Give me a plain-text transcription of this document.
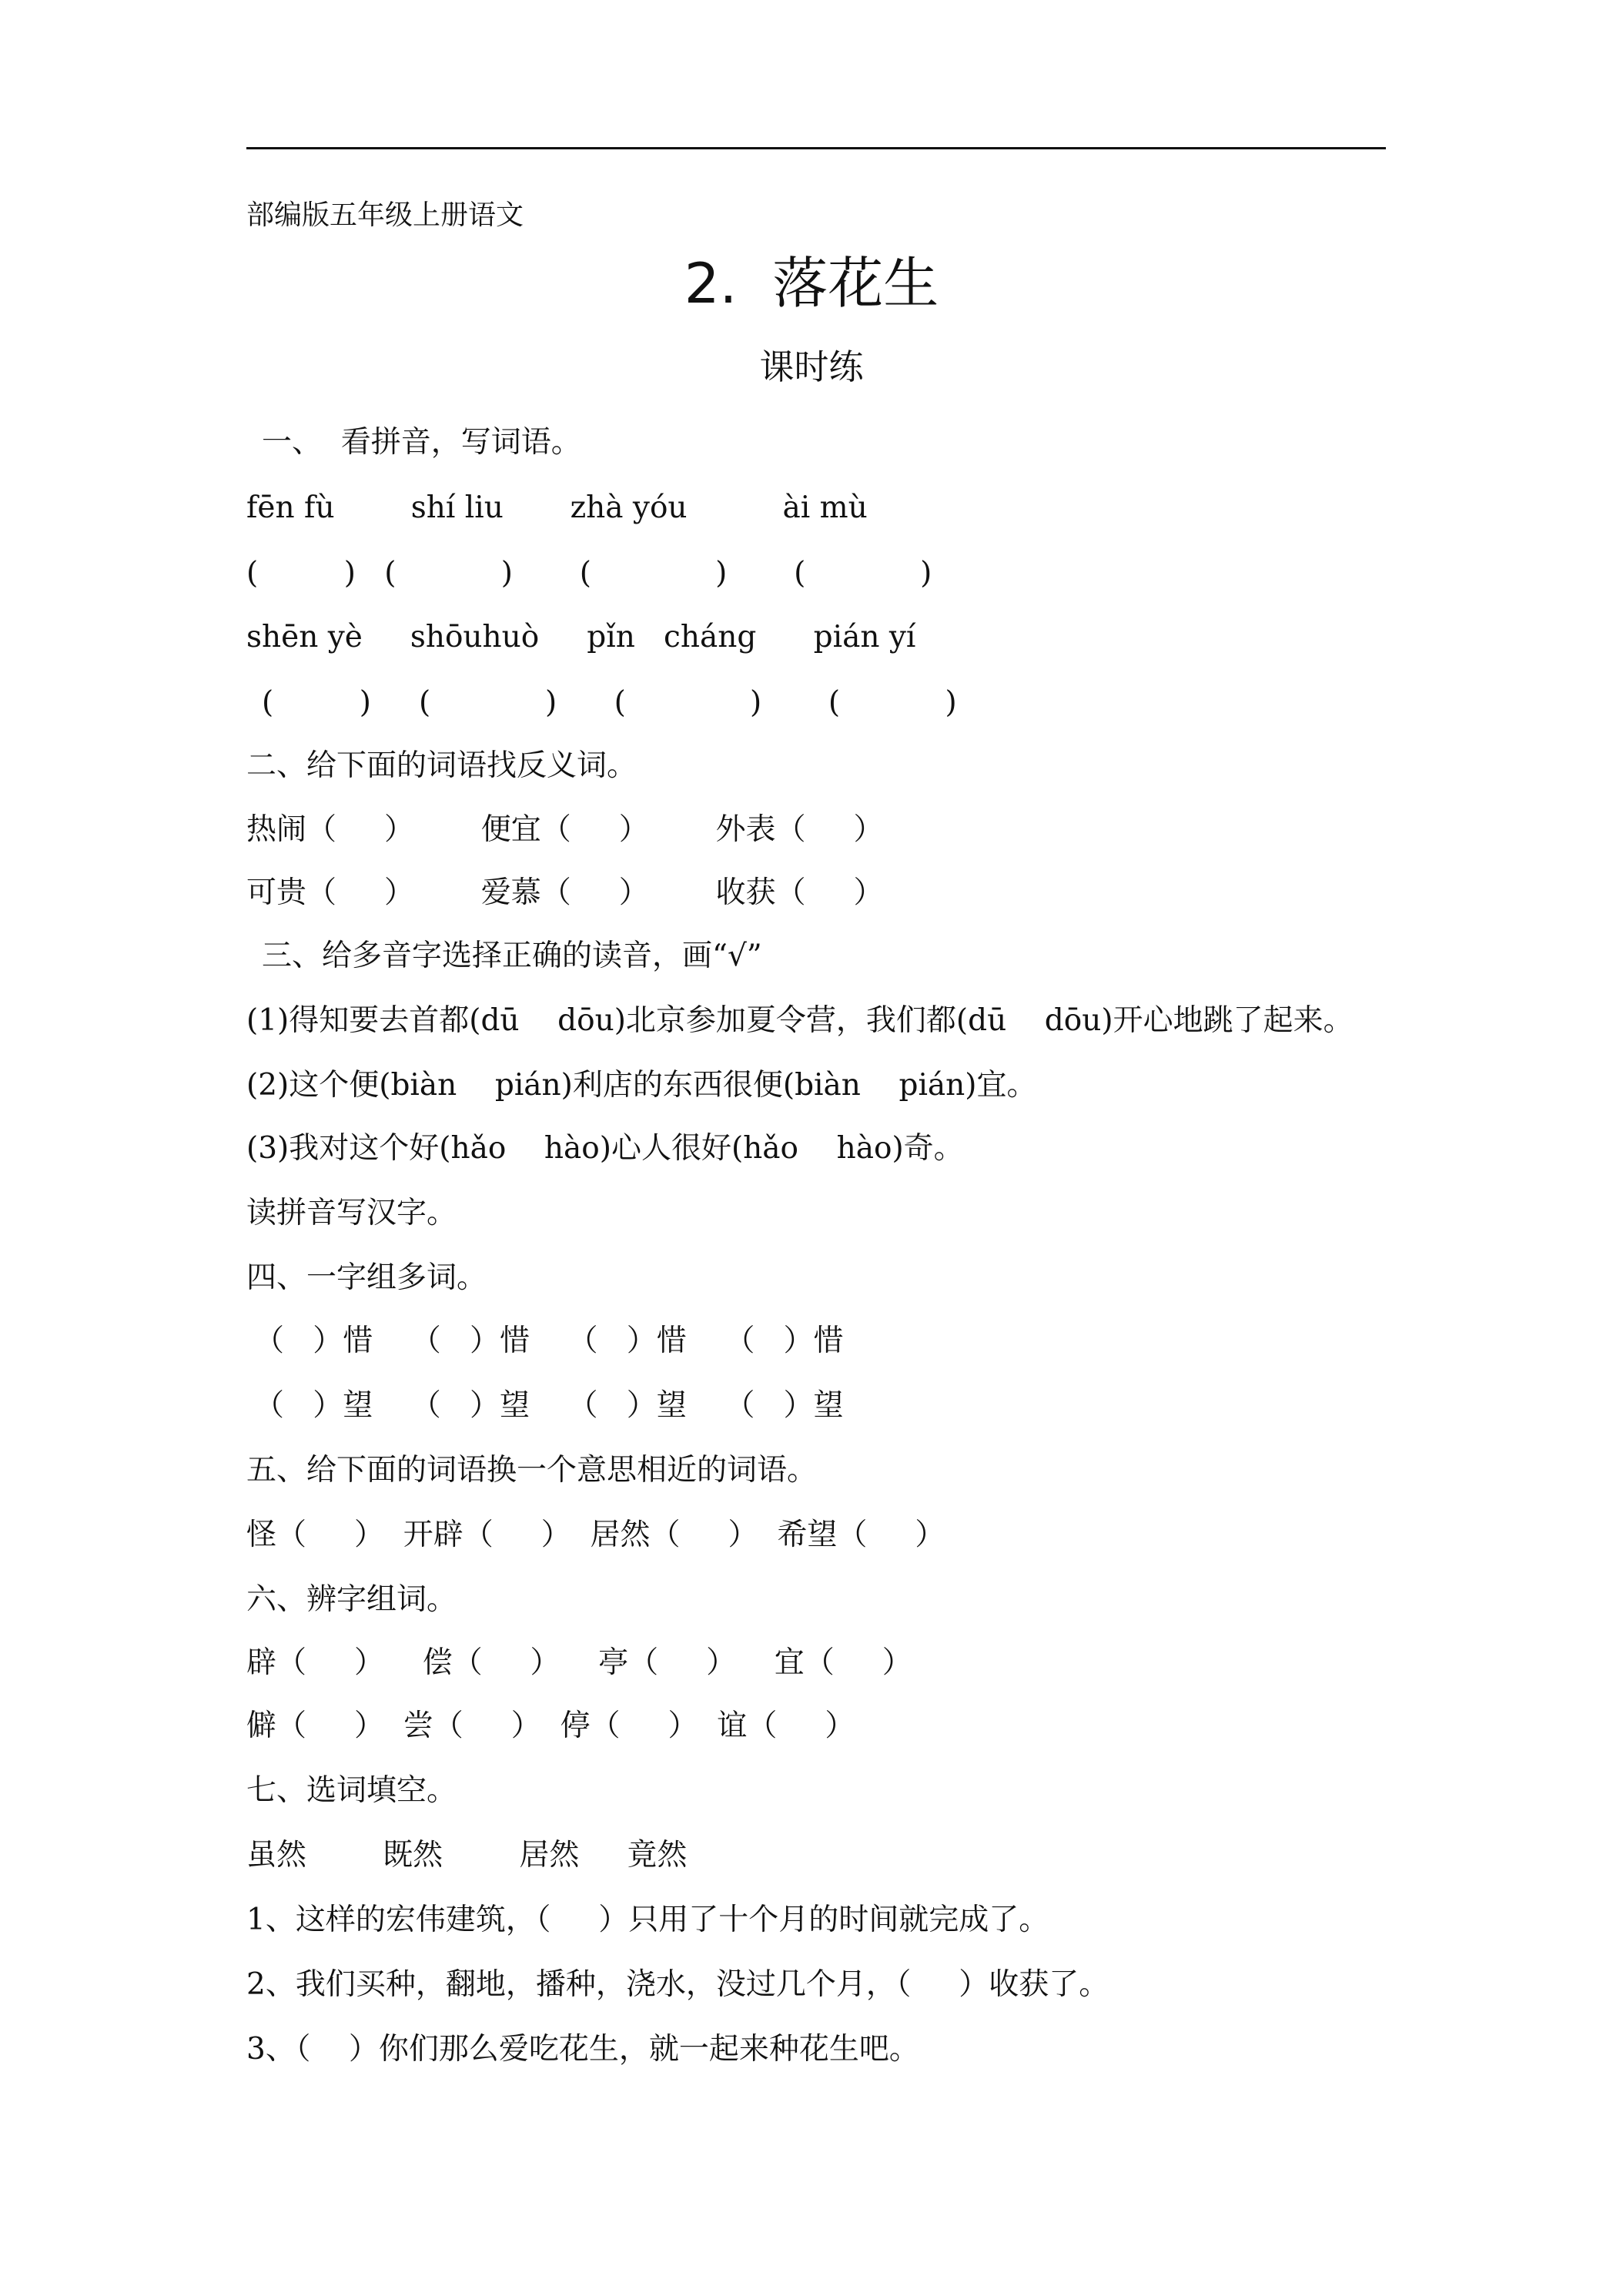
部编版五年级上册语文
2.  落花生
课时练
一、  看拼音，写词语。
fēn fù        shí liu       zhà yóu          ài mù
(         )   (           )       (             )       (            )
shēn yè     shōuhuò     pǐn   cháng      pián yí
(         )     (            )      (             )       (           )
二、给下面的词语找反义词。
热闹（     ）       便宜（     ）       外表（     ）
可贵（     ）       爱慕（     ）       收获（     ）
三、给多音字选择正确的读音，画“√”
(1)得知要去首都(dū    dōu)北京参加夏令营，我们都(dū    dōu)开心地跳了起来。
(2)这个便(biàn    pián)利店的东西很便(biàn    pián)宜。
(3)我对这个好(hǎo    hào)心人很好(hǎo    hào)奇。
读拼音写汉字。
四、一字组多词。
（   ）惜    （   ）惜    （   ）惜    （   ）惜
（   ）望    （   ）望    （   ）望    （   ）望
五、给下面的词语换一个意思相近的词语。
怪（     ）  开辟（     ）  居然（     ）  希望（     ）
六、辨字组词。
辟（     ）    偿（     ）    亭（     ）    宜（     ）
僻（     ）  尝（     ）  停（     ）  谊（     ）
七、选词填空。
虽然        既然        居然     竟然
1、这样的宏伟建筑，（     ）只用了十个月的时间就完成了。
2、我们买种，翻地，播种，浇水，没过几个月，（     ）收获了。
3、（    ）你们那么爱吃花生，就一起来种花生吧。
